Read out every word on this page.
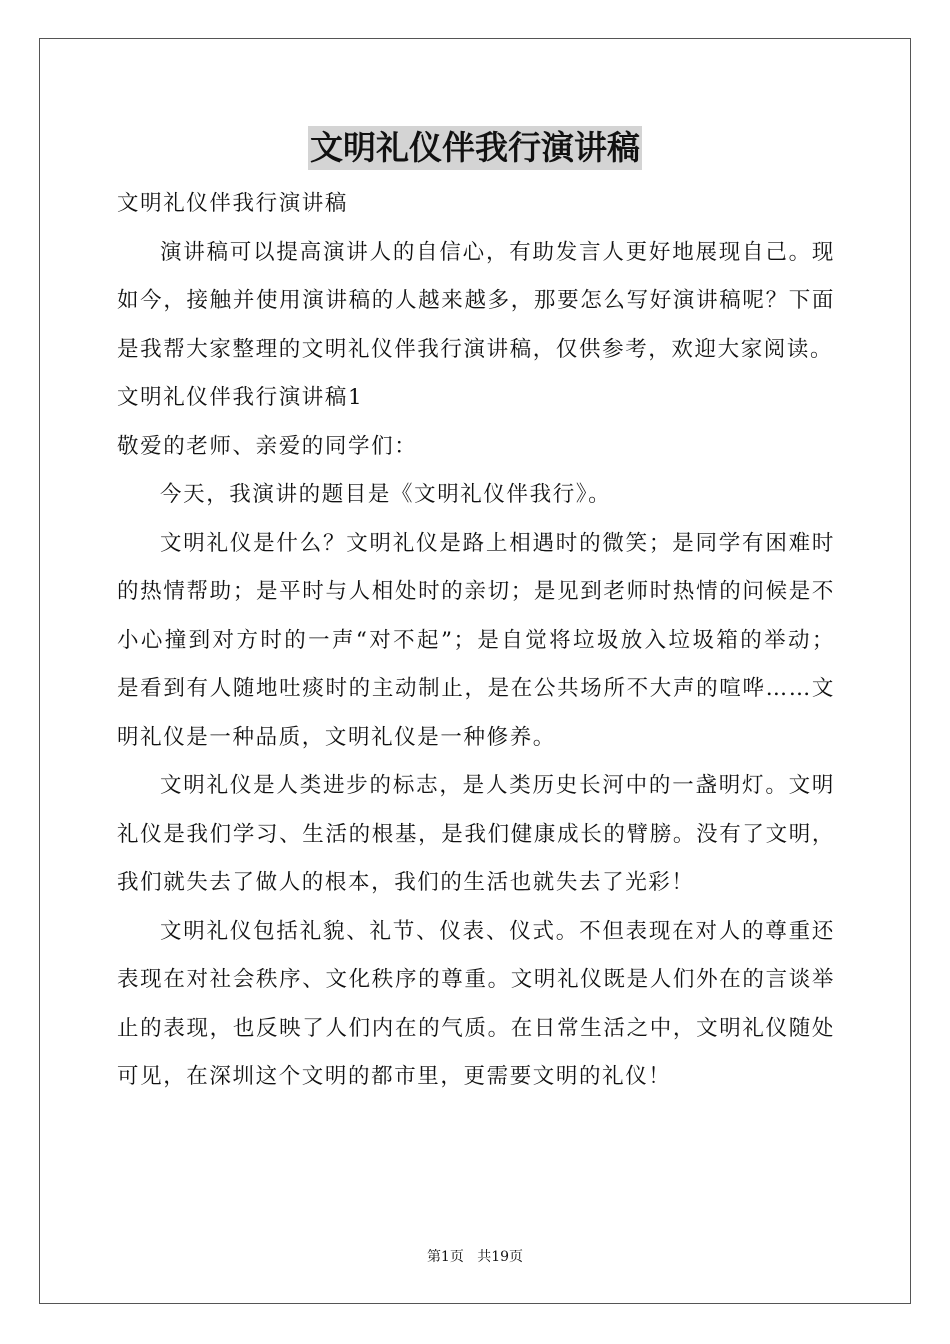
文明礼仪伴我行演讲稿

文明礼仪伴我行演讲稿

演讲稿可以提高演讲人的自信心，有助发言人更好地展现自己。现如今，接触并使用演讲稿的人越来越多，那要怎么写好演讲稿呢？下面是我帮大家整理的文明礼仪伴我行演讲稿，仅供参考，欢迎大家阅读。

文明礼仪伴我行演讲稿1

敬爱的老师、亲爱的同学们：

今天，我演讲的题目是《文明礼仪伴我行》。

文明礼仪是什么？文明礼仪是路上相遇时的微笑；是同学有困难时的热情帮助；是平时与人相处时的亲切；是见到老师时热情的问候是不小心撞到对方时的一声“对不起”；是自觉将垃圾放入垃圾箱的举动；是看到有人随地吐痰时的主动制止，是在公共场所不大声的喧哗……文明礼仪是一种品质，文明礼仪是一种修养。

文明礼仪是人类进步的标志，是人类历史长河中的一盏明灯。文明礼仪是我们学习、生活的根基，是我们健康成长的臂膀。没有了文明，我们就失去了做人的根本，我们的生活也就失去了光彩！

文明礼仪包括礼貌、礼节、仪表、仪式。不但表现在对人的尊重还表现在对社会秩序、文化秩序的尊重。文明礼仪既是人们外在的言谈举止的表现，也反映了人们内在的气质。在日常生活之中，文明礼仪随处可见，在深圳这个文明的都市里，更需要文明的礼仪！

第1页 共19页
